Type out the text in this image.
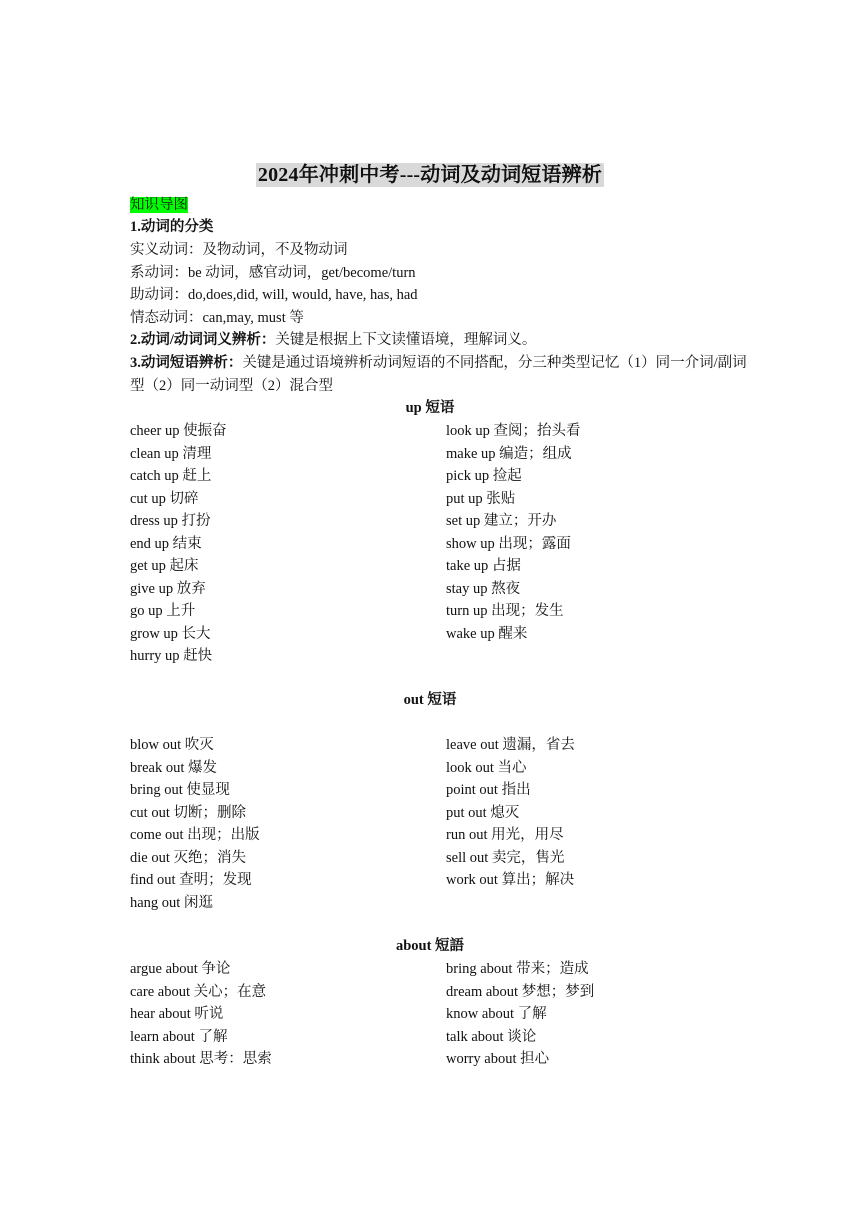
2024年冲刺中考---动词及动词短语辨析
知识导图
1.动词的分类
实义动词：及物动词，不及物动词
系动词：be 动词，感官动词，get/become/turn
助动词：do,does,did, will, would, have, has, had
情态动词：can,may, must 等
2.动词/动词词义辨析：关键是根据上下文读懂语境，理解词义。
3.动词短语辨析：关键是通过语境辨析动词短语的不同搭配，分三种类型记忆（1）同一介词/副词型（2）同一动词型（2）混合型
up 短语
cheer up 使振奋
clean up 清理
catch up 赶上
cut up 切碎
dress up 打扮
end up 结束
get up 起床
give up 放弃
go up 上升
grow up 长大
hurry up 赶快
look up 查阅；抬头看
make up 编造；组成
pick up 捡起
put up 张贴
set up 建立；开办
show up 出现；露面
take up 占据
stay up 熬夜
turn up 出现；发生
wake up 醒来
out 短语
blow out 吹灭
break out 爆发
bring out 使显现
cut out 切断；删除
come out 出现；出版
die out 灭绝；消失
find out 查明；发现
hang out 闲逛
leave out 遗漏，省去
look out 当心
point out 指出
put out 熄灭
run out 用光，用尽
sell out 卖完，售光
work out 算出；解决
about 短語
argue about 争论
care about 关心；在意
hear about 听说
learn about 了解
think about 思考：思索
bring about 带来；造成
dream about 梦想；梦到
know about 了解
talk about 谈论
worry about 担心
